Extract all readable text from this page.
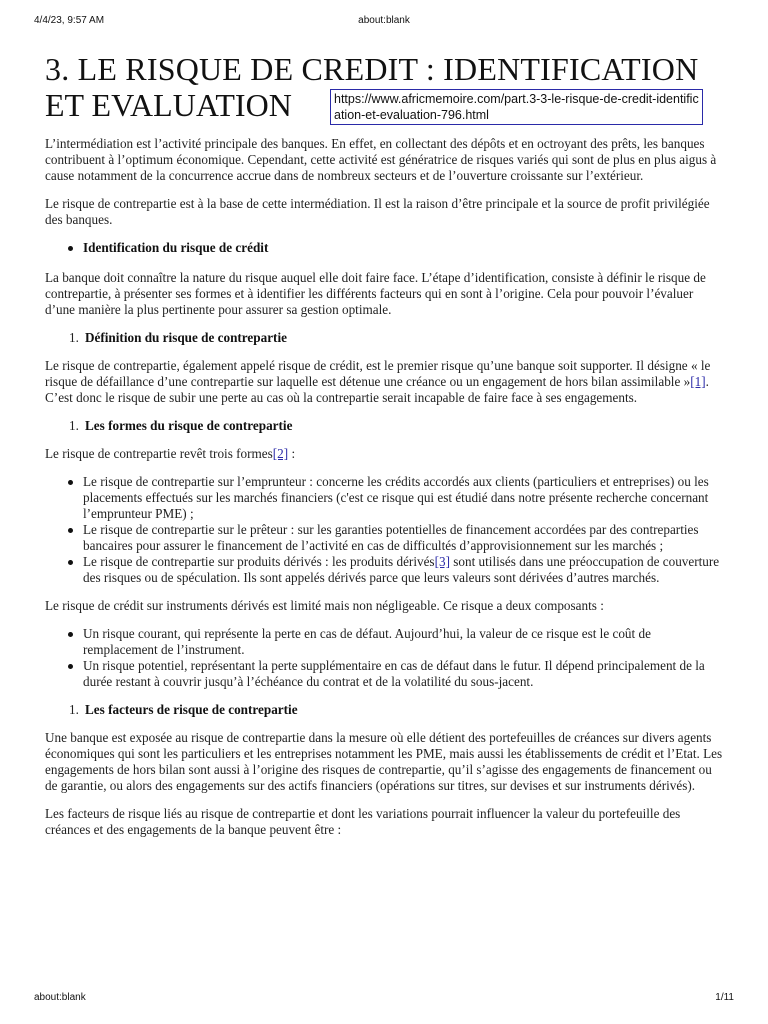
4/4/23, 9:57 AM	about:blank
3. LE RISQUE DE CREDIT : IDENTIFICATION
ET EVALUATION	https://www.africmemoire.com/part.3-3-le-risque-de-credit-identification-et-evaluation-796.html

L’intermédiation est l’activité principale des banques. En effet, en collectant des dépôts et en octroyant des prêts, les banques contribuent à l’optimum économique. Cependant, cette activité est génératrice de risques variés qui sont de plus en plus aigus à cause notamment de la concurrence accrue dans de nombreux secteurs et de l’ouverture croissante sur l’extérieur.

Le risque de contrepartie est à la base de cette intermédiation. Il est la raison d’être principale et la source de profit privilégiée des banques.

Identification du risque de crédit

La banque doit connaître la nature du risque auquel elle doit faire face. L’étape d’identification, consiste à définir le risque de contrepartie, à présenter ses formes et à identifier les différents facteurs qui en sont à l’origine. Cela pour pouvoir l’évaluer d’une manière la plus pertinente pour assurer sa gestion optimale.

1. Définition du risque de contrepartie

Le risque de contrepartie, également appelé risque de crédit, est le premier risque qu’une banque soit supporter. Il désigne « le risque de défaillance d’une contrepartie sur laquelle est détenue une créance ou un engagement de hors bilan assimilable »[1]. C’est donc le risque de subir une perte au cas où la contrepartie serait incapable de faire face à ses engagements.

1. Les formes du risque de contrepartie

Le risque de contrepartie revêt trois formes[2] :

Le risque de contrepartie sur l’emprunteur : concerne les crédits accordés aux clients (particuliers et entreprises) ou les placements effectués sur les marchés financiers (c'est ce risque qui est étudié dans notre présente recherche concernant l’emprunteur PME) ;
Le risque de contrepartie sur le prêteur : sur les garanties potentielles de financement accordées par des contreparties bancaires pour assurer le financement de l’activité en cas de difficultés d’approvisionnement sur les marchés ;
Le risque de contrepartie sur produits dérivés : les produits dérivés[3] sont utilisés dans une préoccupation de couverture des risques ou de spéculation. Ils sont appelés dérivés parce que leurs valeurs sont dérivées d’autres marchés.

Le risque de crédit sur instruments dérivés est limité mais non négligeable. Ce risque a deux composants :

Un risque courant, qui représente la perte en cas de défaut. Aujourd’hui, la valeur de ce risque est le coût de remplacement de l’instrument.
Un risque potentiel, représentant la perte supplémentaire en cas de défaut dans le futur. Il dépend principalement de la durée restant à couvrir jusqu’à l’échéance du contrat et de la volatilité du sous-jacent.
1. Les facteurs de risque de contrepartie

Une banque est exposée au risque de contrepartie dans la mesure où elle détient des portefeuilles de créances sur divers agents économiques qui sont les particuliers et les entreprises notamment les PME, mais aussi les établissements de crédit et l’Etat. Les engagements de hors bilan sont aussi à l’origine des risques de contrepartie, qu’il s’agisse des engagements de financement ou de garantie, ou alors des engagements sur des actifs financiers (opérations sur titres, sur devises et sur instruments dérivés).

Les facteurs de risque liés au risque de contrepartie et dont les variations pourrait influencer la valeur du portefeuille des créances et des engagements de la banque peuvent être :

about:blank	1/11
